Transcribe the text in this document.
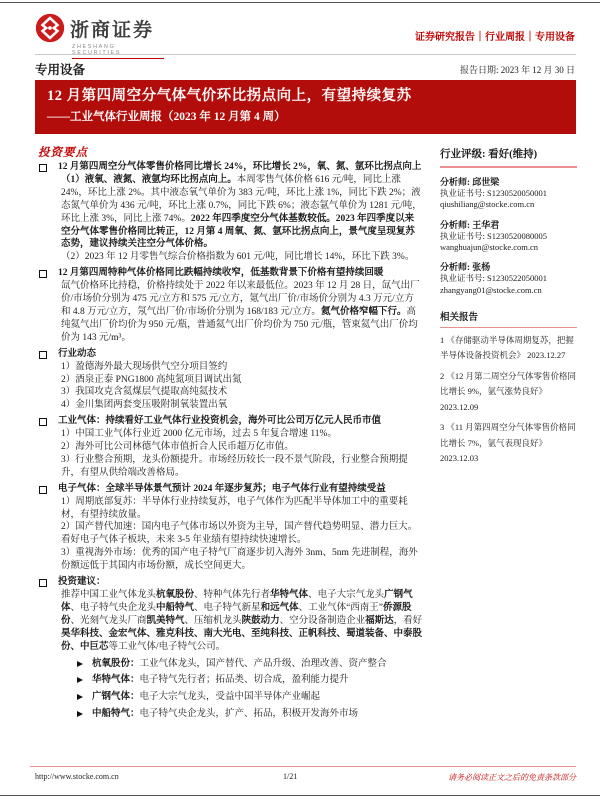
浙商证券
ZHESHANG SECURITIES
证券研究报告｜行业周报｜专用设备
专用设备	报告日期: 2023 年 12 月 30 日
12 月第四周空分气体气价环比拐点向上，有望持续复苏
——工业气体行业周报（2023 年 12 月第 4 周）
投资要点
12 月第四周空分气体零售价格同比增长 24%，环比增长 2%，氧、氮、氩环比拐点向上
（1）液氧、液氮、液氩均环比拐点向上。本周零售气体价格 616 元/吨，同比上涨 24%，环比上涨 2%。其中液态氧气单价为 383 元/吨，环比上涨 1%，同比下跌 2%；液态氮气单价为 436 元/吨，环比上涨 0.7%，同比下跌 6%；液态氩气单价为 1281 元/吨，环比上涨 3%，同比上涨 74%。2022 年四季度空分气体基数较低。2023 年四季度以来空分气体零售价格同比转正，12 月第 4 周氧、氮、氩环比拐点向上，景气度呈现复苏态势，建议持续关注空分气体价格。
（2）2023 年 12 月零售气综合价格指数为 601 元/吨，同比增长 14%，环比下跌 3%。
12 月第四周特种气体价格同比跌幅持续收窄，低基数背景下价格有望持续回暖
氙气价格环比持稳，价格持续处于 2022 年以来最低位。2023 年 12 月 28 日，氙气出厂价/市场价分别为 475 元/立方和 575 元/立方，氪气出厂价/市场价分别为 4.3 万元/立方和 4.8 万元/立方，氖气出厂价/市场价分别为 168/183 元/立方。氦气价格窄幅下行。高纯氦气出厂价均价为 950 元/瓶，普通氦气出厂价均价为 750 元/瓶，管束氦气出厂价均价为 143 元/m³。
行业动态
1）盈德海外最大现场供气空分项目签约
2）酒泉正泰 PNG1800 高纯氮项目调试出氮
3）我国攻克含氦煤层气提取高纯氦技术
4）金川集团两套变压吸附制氧装置出氧
工业气体：持续看好工业气体行业投资机会，海外可比公司万亿元人民币市值
1）中国工业气体行业近 2000 亿元市场，过去 5 年复合增速 11%。
2）海外可比公司林德气体市值折合人民币超万亿市值。
3）行业整合预期，龙头份额提升。市场经历较长一段不景气阶段，行业整合预期提升，有望从供给端改善格局。
电子气体：全球半导体景气预计 2024 年逐步复苏；电子气体行业有望持续受益
1）周期底部复苏：半导体行业持续复苏，电子气体作为匹配半导体加工中的重要耗材，有望持续放量。
2）国产替代加速：国内电子气体市场以外资为主导，国产替代趋势明显、潜力巨大。看好电子气体子板块，未来 3-5 年业绩有望持续快速增长。
3）重视海外市场：优秀的国产电子特气厂商逐步切入海外 3nm、5nm 先进制程，海外份额远低于其国内市场份额，成长空间更大。
投资建议：
推荐中国工业气体龙头杭氧股份、特种气体先行者华特气体、电子大宗气龙头广钢气体、电子特气央企龙头中船特气、电子特气新星和远气体、工业气体“西南王”侨源股份、光刻气龙头厂商凯美特气、压缩机龙头陕鼓动力、空分设备制造企业福斯达，看好昊华科技、金宏气体、雅克科技、南大光电、至纯科技、正帆科技、蜀道装备、中泰股份、中巨芯等工业气体/电子特气公司。
杭氧股份：工业气体龙头，国产替代、产品升级、治理改善、资产整合
华特气体：电子特气先行者；拓品类、切合成，盈利能力提升
广钢气体：电子大宗气龙头，受益中国半导体产业崛起
中船特气：电子特气央企龙头，扩产、拓品，积极开发海外市场
行业评级: 看好(维持)
分析师: 邱世梁
执业证书号: S1230520050001
qiushiliang@stocke.com.cn
分析师: 王华君
执业证书号: S1230520080005
wanghuajun@stocke.com.cn
分析师: 张杨
执业证书号: S1230522050001
zhangyang01@stocke.com.cn
相关报告
1 《存储驱动半导体周期复苏，把握半导体设备投资机会》 2023.12.27
2 《12 月第二周空分气体零售价格同比增长 9%，氩气涨势良好》 2023.12.09
3 《11 月第四周空分气体零售价格同比增长 7%，氩气表现良好》 2023.12.03
http://www.stocke.com.cn	1/21	请务必阅读正文之后的免责条款部分
